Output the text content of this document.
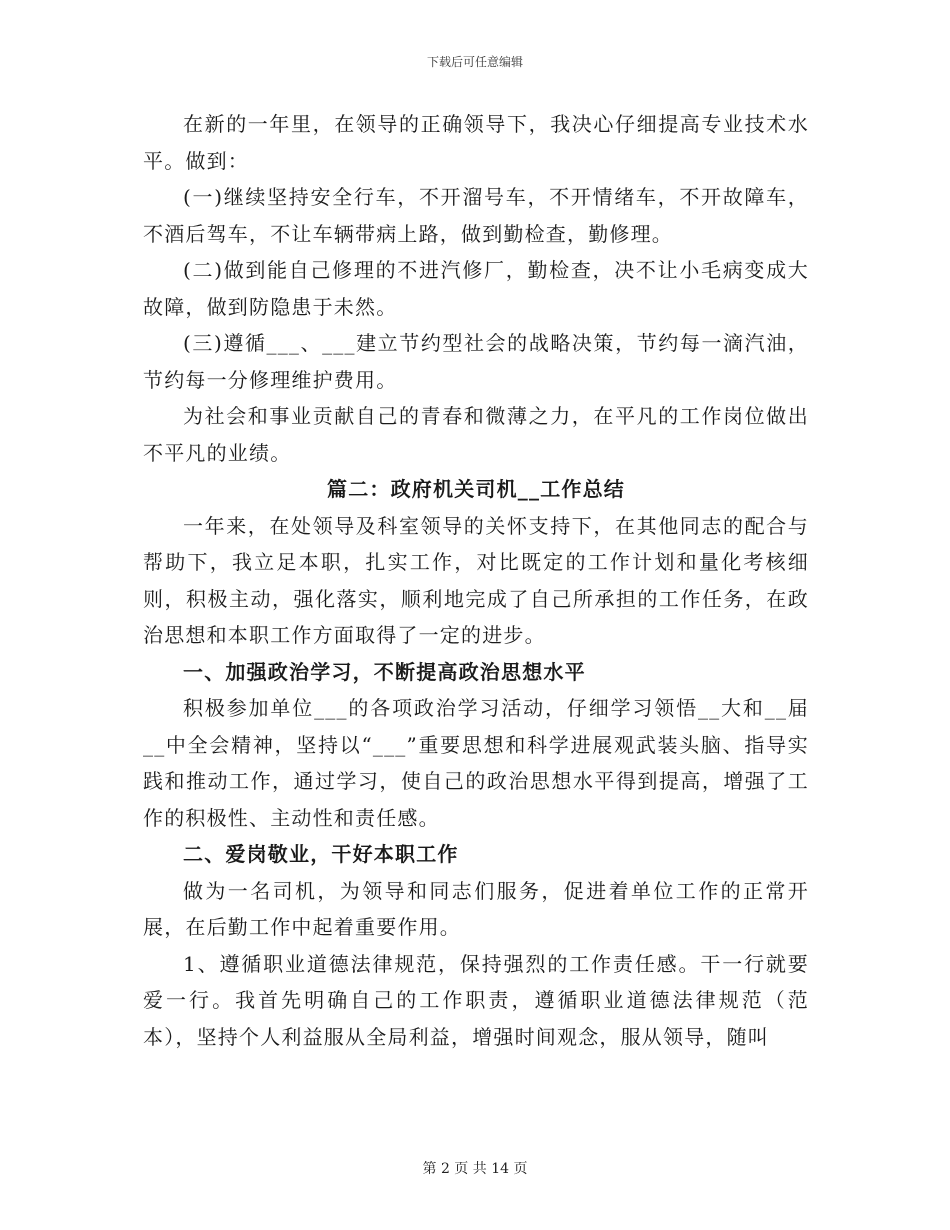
下载后可任意编辑

在新的一年里，在领导的正确领导下，我决心仔细提高专业技术水平。做到：

(一)继续坚持安全行车，不开溜号车，不开情绪车，不开故障车，不酒后驾车，不让车辆带病上路，做到勤检查，勤修理。

(二)做到能自己修理的不进汽修厂，勤检查，决不让小毛病变成大故障，做到防隐患于未然。

(三)遵循___、___建立节约型社会的战略决策，节约每一滴汽油，节约每一分修理维护费用。

为社会和事业贡献自己的青春和微薄之力，在平凡的工作岗位做出不平凡的业绩。

篇二：政府机关司机__工作总结

一年来，在处领导及科室领导的关怀支持下，在其他同志的配合与帮助下，我立足本职，扎实工作，对比既定的工作计划和量化考核细则，积极主动，强化落实，顺利地完成了自己所承担的工作任务，在政治思想和本职工作方面取得了一定的进步。

一、加强政治学习，不断提高政治思想水平

积极参加单位___的各项政治学习活动，仔细学习领悟__大和__届__中全会精神，坚持以“___”重要思想和科学进展观武装头脑、指导实践和推动工作，通过学习，使自己的政治思想水平得到提高，增强了工作的积极性、主动性和责任感。

二、爱岗敬业，干好本职工作

做为一名司机，为领导和同志们服务，促进着单位工作的正常开展，在后勤工作中起着重要作用。

1、遵循职业道德法律规范，保持强烈的工作责任感。干一行就要爱一行。我首先明确自己的工作职责，遵循职业道德法律规范（范本），坚持个人利益服从全局利益，增强时间观念，服从领导，随叫

第 2 页 共 14 页
